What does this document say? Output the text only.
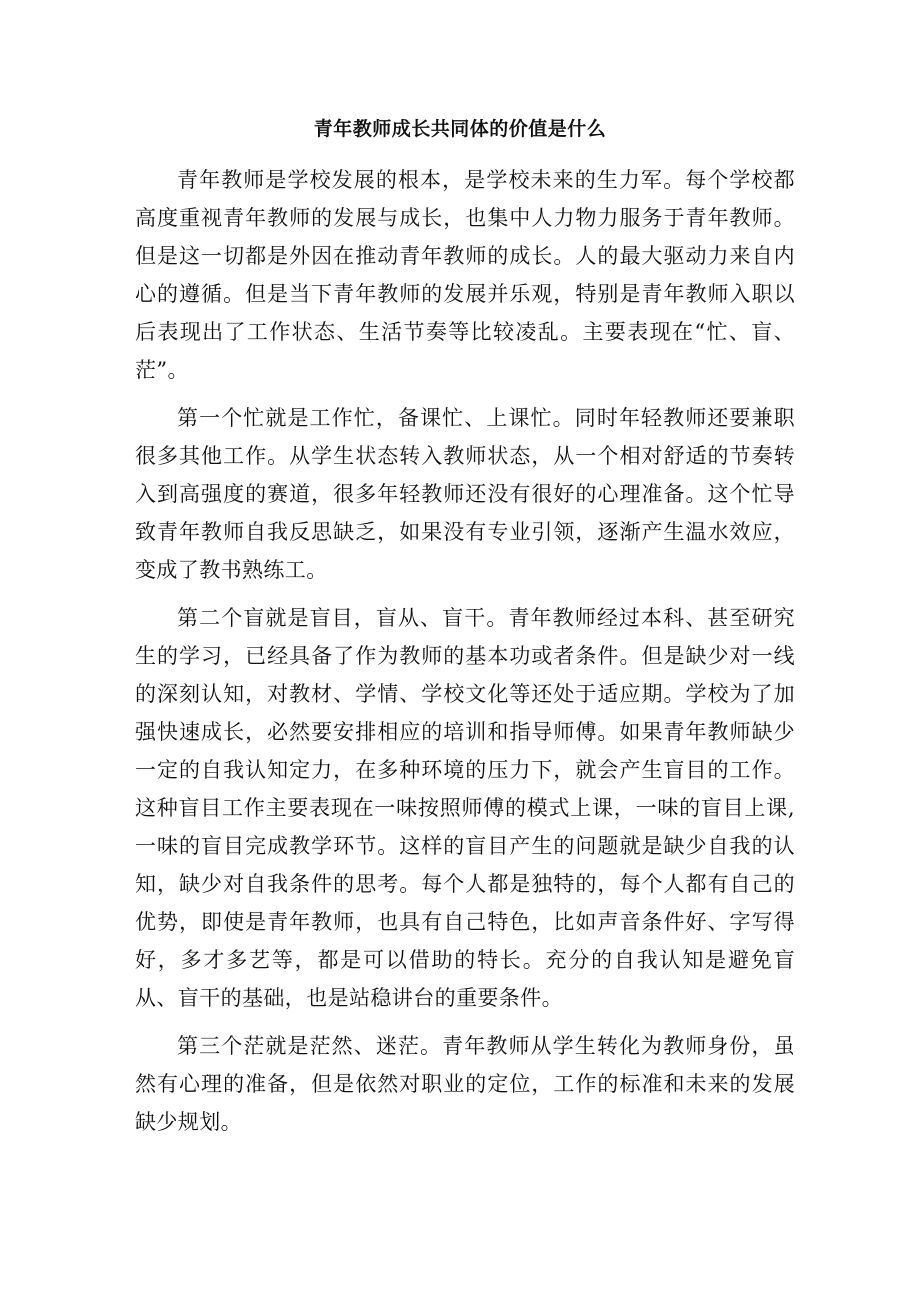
青年教师成长共同体的价值是什么

青年教师是学校发展的根本，是学校未来的生力军。每个学校都高度重视青年教师的发展与成长，也集中人力物力服务于青年教师。但是这一切都是外因在推动青年教师的成长。人的最大驱动力来自内心的遵循。但是当下青年教师的发展并乐观，特别是青年教师入职以后表现出了工作状态、生活节奏等比较凌乱。主要表现在“忙、盲、茫”。

第一个忙就是工作忙，备课忙、上课忙。同时年轻教师还要兼职很多其他工作。从学生状态转入教师状态，从一个相对舒适的节奏转入到高强度的赛道，很多年轻教师还没有很好的心理准备。这个忙导致青年教师自我反思缺乏，如果没有专业引领，逐渐产生温水效应，变成了教书熟练工。

第二个盲就是盲目，盲从、盲干。青年教师经过本科、甚至研究生的学习，已经具备了作为教师的基本功或者条件。但是缺少对一线的深刻认知，对教材、学情、学校文化等还处于适应期。学校为了加强快速成长，必然要安排相应的培训和指导师傅。如果青年教师缺少一定的自我认知定力，在多种环境的压力下，就会产生盲目的工作。这种盲目工作主要表现在一味按照师傅的模式上课，一味的盲目上课,一味的盲目完成教学环节。这样的盲目产生的问题就是缺少自我的认知，缺少对自我条件的思考。每个人都是独特的，每个人都有自己的优势，即使是青年教师，也具有自己特色，比如声音条件好、字写得好，多才多艺等，都是可以借助的特长。充分的自我认知是避免盲从、盲干的基础，也是站稳讲台的重要条件。

第三个茫就是茫然、迷茫。青年教师从学生转化为教师身份，虽然有心理的准备，但是依然对职业的定位，工作的标准和未来的发展缺少规划。
